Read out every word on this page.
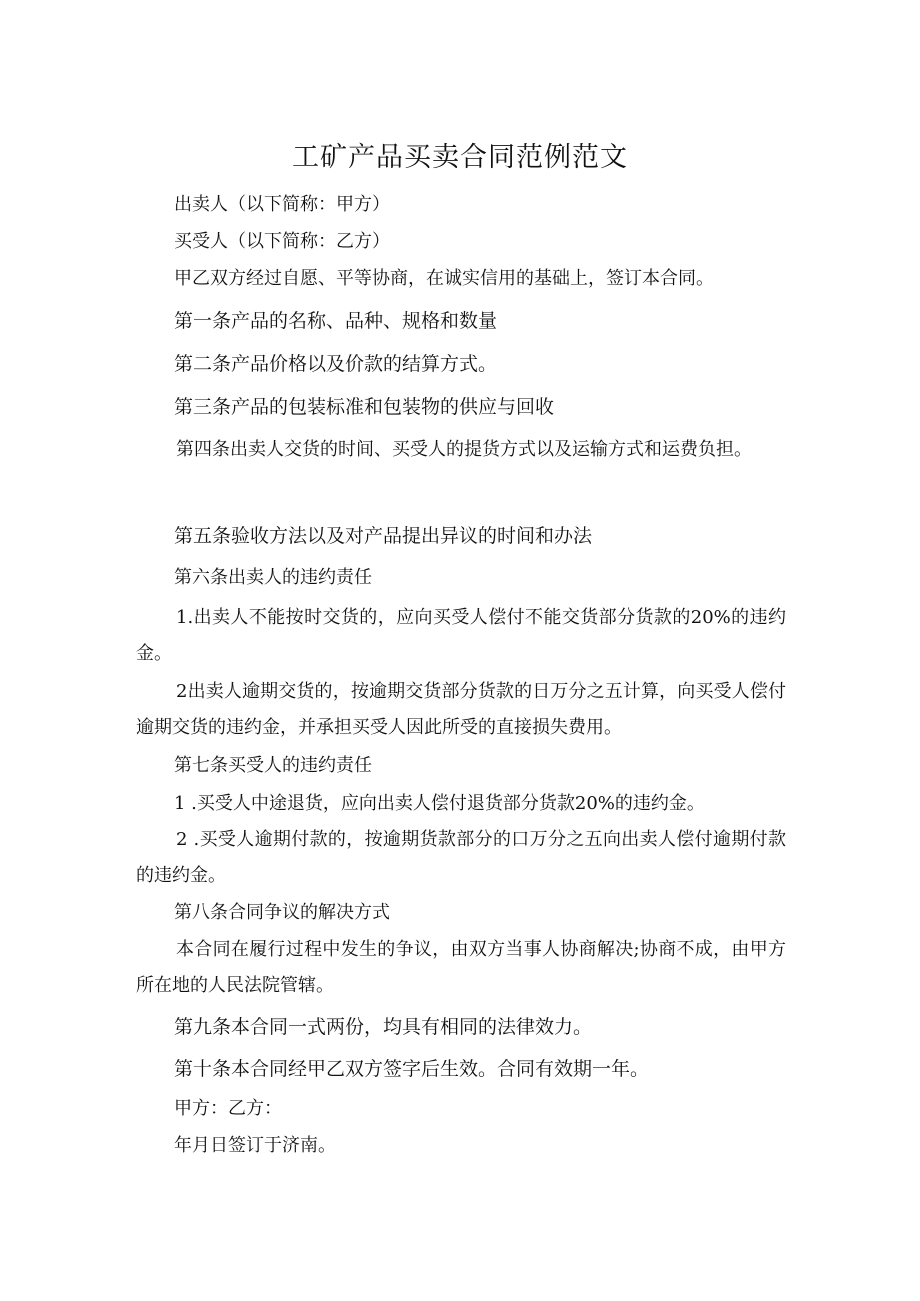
工矿产品买卖合同范例范文

出卖人（以下简称：甲方）

买受人（以下简称：乙方）

甲乙双方经过自愿、平等协商，在诚实信用的基础上，签订本合同。

第一条产品的名称、品种、规格和数量

第二条产品价格以及价款的结算方式。

第三条产品的包装标准和包装物的供应与回收

第四条出卖人交货的时间、买受人的提货方式以及运输方式和运费负担。

第五条验收方法以及对产品提出异议的时间和办法

第六条出卖人的违约责任

1.出卖人不能按时交货的，应向买受人偿付不能交货部分货款的20%的违约金。

2出卖人逾期交货的，按逾期交货部分货款的日万分之五计算，向买受人偿付逾期交货的违约金，并承担买受人因此所受的直接损失费用。

第七条买受人的违约责任

1 .买受人中途退货，应向出卖人偿付退货部分货款20%的违约金。

2 .买受人逾期付款的，按逾期货款部分的口万分之五向出卖人偿付逾期付款的违约金。

第八条合同争议的解决方式

本合同在履行过程中发生的争议，由双方当事人协商解决;协商不成，由甲方所在地的人民法院管辖。

第九条本合同一式两份，均具有相同的法律效力。

第十条本合同经甲乙双方签字后生效。合同有效期一年。

甲方：乙方：

年月日签订于济南。
